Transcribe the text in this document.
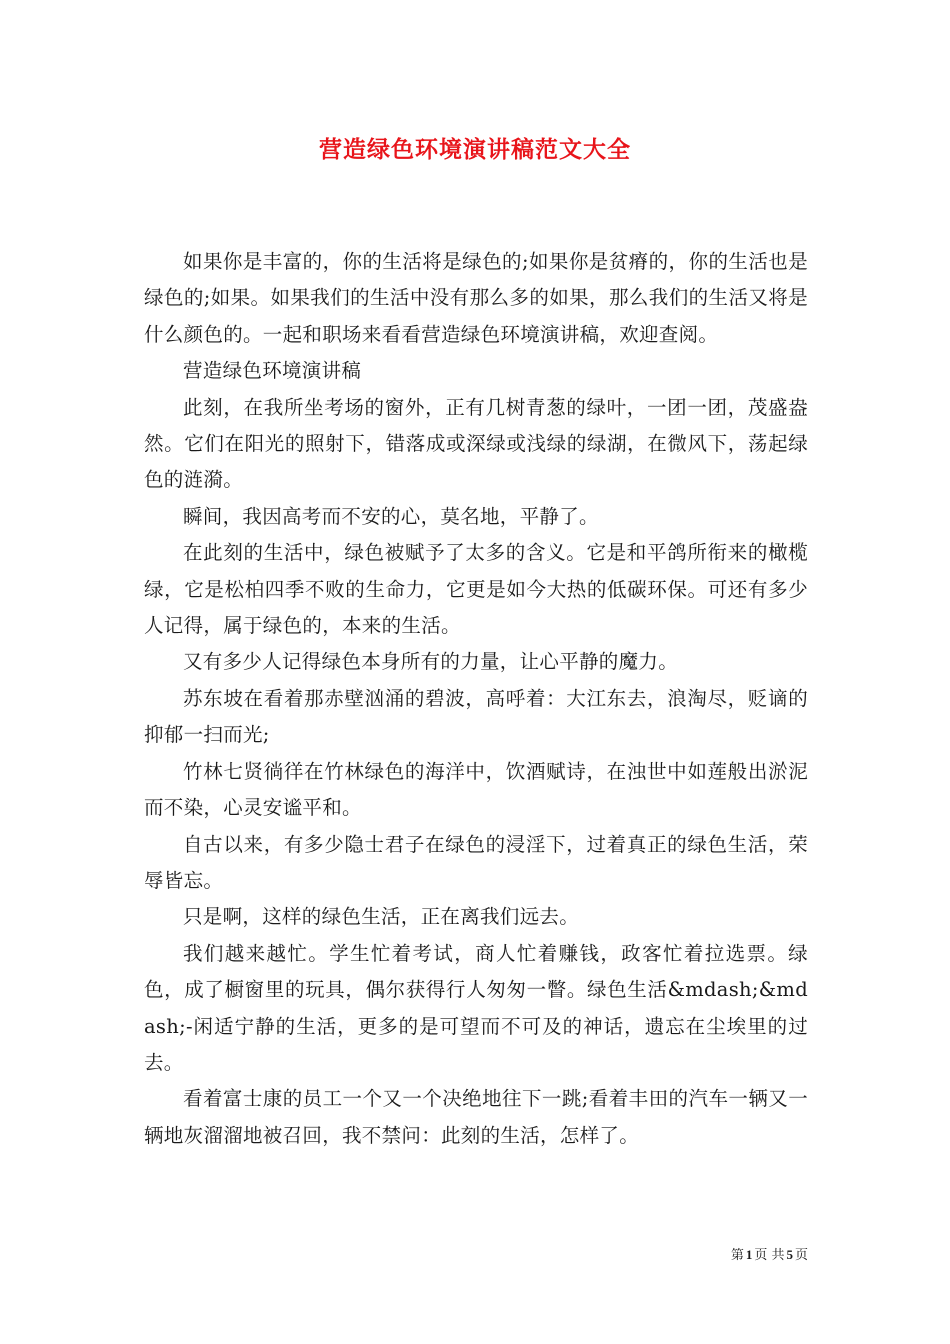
营造绿色环境演讲稿范文大全

如果你是丰富的，你的生活将是绿色的;如果你是贫瘠的，你的生活也是绿色的;如果。如果我们的生活中没有那么多的如果，那么我们的生活又将是什么颜色的。一起和职场来看看营造绿色环境演讲稿，欢迎查阅。

营造绿色环境演讲稿

此刻，在我所坐考场的窗外，正有几树青葱的绿叶，一团一团，茂盛盎然。它们在阳光的照射下，错落成或深绿或浅绿的绿湖，在微风下，荡起绿色的涟漪。

瞬间，我因高考而不安的心，莫名地，平静了。

在此刻的生活中，绿色被赋予了太多的含义。它是和平鸽所衔来的橄榄绿，它是松柏四季不败的生命力，它更是如今大热的低碳环保。可还有多少人记得，属于绿色的，本来的生活。

又有多少人记得绿色本身所有的力量，让心平静的魔力。

苏东坡在看着那赤壁汹涌的碧波，高呼着：大江东去，浪淘尽，贬谪的抑郁一扫而光;

竹林七贤徜徉在竹林绿色的海洋中，饮酒赋诗，在浊世中如莲般出淤泥而不染，心灵安谧平和。

自古以来，有多少隐士君子在绿色的浸淫下，过着真正的绿色生活，荣辱皆忘。

只是啊，这样的绿色生活，正在离我们远去。

我们越来越忙。学生忙着考试，商人忙着赚钱，政客忙着拉选票。绿色，成了橱窗里的玩具，偶尔获得行人匆匆一瞥。绿色生活&mdash;&mdash;-闲适宁静的生活，更多的是可望而不可及的神话，遗忘在尘埃里的过去。

看着富士康的员工一个又一个决绝地往下一跳;看着丰田的汽车一辆又一辆地灰溜溜地被召回，我不禁问：此刻的生活，怎样了。

第 1 页 共 5 页
